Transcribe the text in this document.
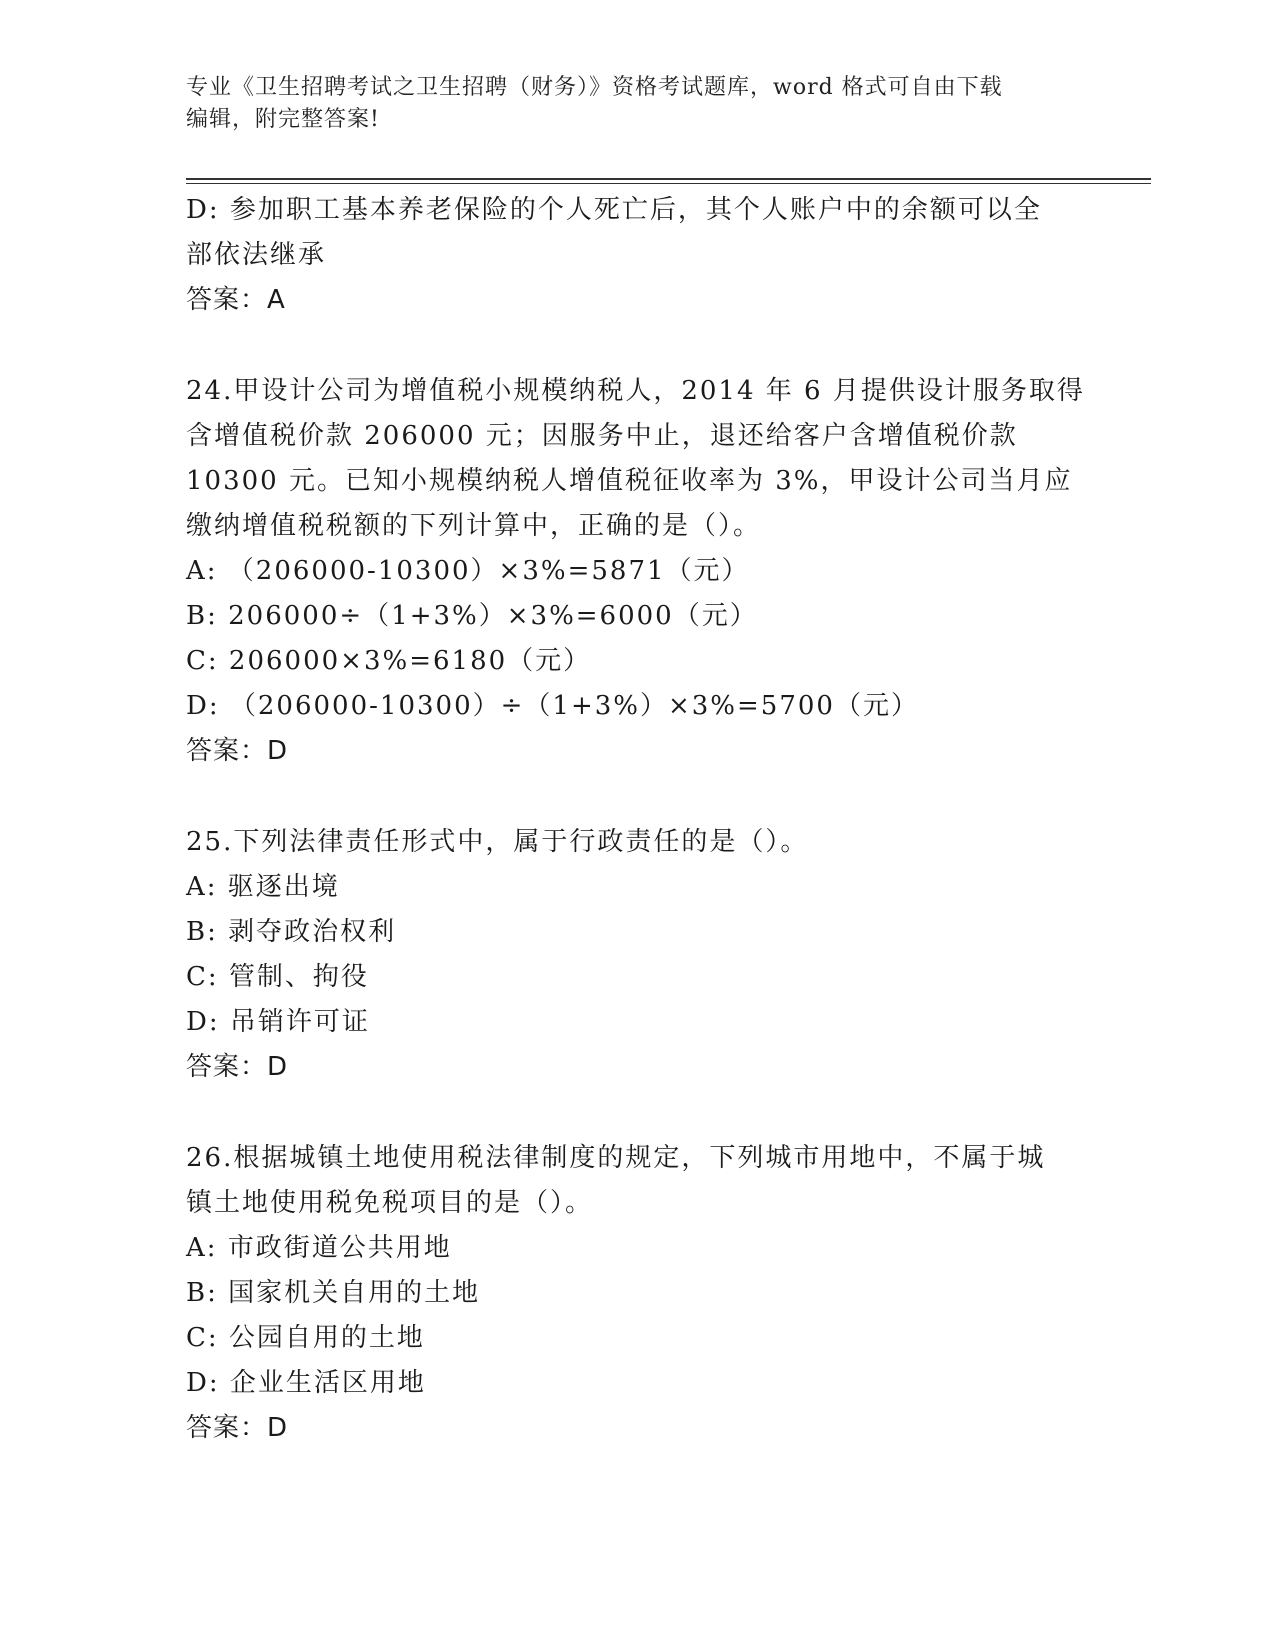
专业《卫生招聘考试之卫生招聘（财务）》资格考试题库，word 格式可自由下载
编辑，附完整答案!
D: 参加职工基本养老保险的个人死亡后，其个人账户中的余额可以全
部依法继承
答案：A
24.甲设计公司为增值税小规模纳税人，2014 年 6 月提供设计服务取得
含增值税价款 206000 元；因服务中止，退还给客户含增值税价款
10300 元。已知小规模纳税人增值税征收率为 3%，甲设计公司当月应
缴纳增值税税额的下列计算中，正确的是（）。
A: （206000-10300）×3%=5871（元）
B: 206000÷（1+3%）×3%=6000（元）
C: 206000×3%=6180（元）
D: （206000-10300）÷（1+3%）×3%=5700（元）
答案：D
25.下列法律责任形式中，属于行政责任的是（）。
A: 驱逐出境
B: 剥夺政治权利
C: 管制、拘役
D: 吊销许可证
答案：D
26.根据城镇土地使用税法律制度的规定，下列城市用地中，不属于城
镇土地使用税免税项目的是（）。
A: 市政街道公共用地
B: 国家机关自用的土地
C: 公园自用的土地
D: 企业生活区用地
答案：D
